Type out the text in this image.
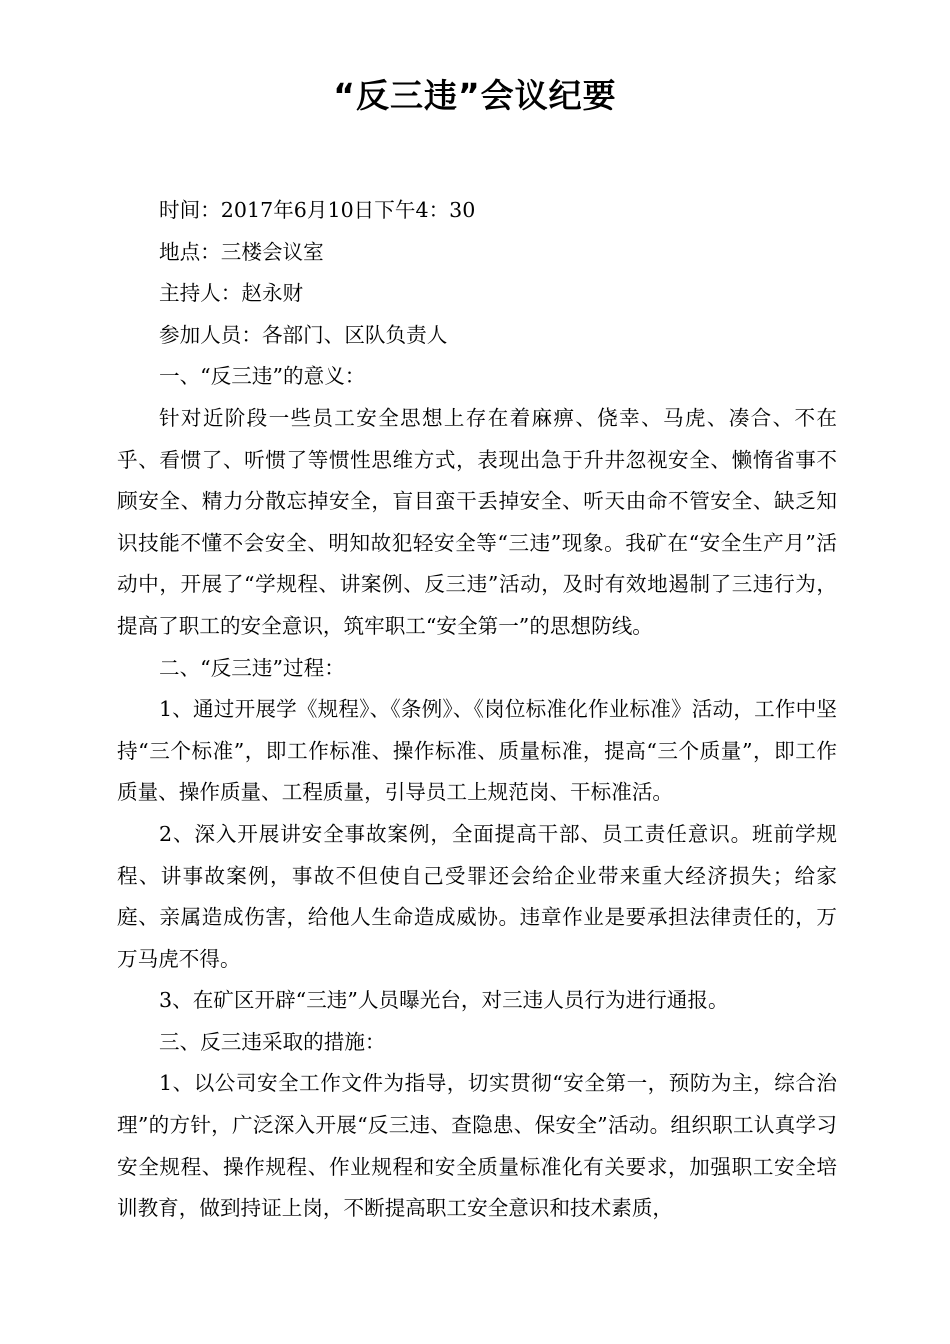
“反三违”会议纪要

时间：2017年6月10日下午4：30

地点：三楼会议室

主持人：赵永财

参加人员：各部门、区队负责人

一、“反三违”的意义：

针对近阶段一些员工安全思想上存在着麻痹、侥幸、马虎、凑合、不在乎、看惯了、听惯了等惯性思维方式，表现出急于升井忽视安全、懒惰省事不顾安全、精力分散忘掉安全，盲目蛮干丢掉安全、听天由命不管安全、缺乏知识技能不懂不会安全、明知故犯轻安全等“三违”现象。我矿在“安全生产月”活动中，开展了“学规程、讲案例、反三违”活动，及时有效地遏制了三违行为，提高了职工的安全意识，筑牢职工“安全第一”的思想防线。

二、“反三违”过程：

1、通过开展学《规程》、《条例》、《岗位标准化作业标准》活动，工作中坚持“三个标准”，即工作标准、操作标准、质量标准，提高“三个质量”，即工作质量、操作质量、工程质量，引导员工上规范岗、干标准活。

2、深入开展讲安全事故案例，全面提高干部、员工责任意识。班前学规程、讲事故案例，事故不但使自己受罪还会给企业带来重大经济损失；给家庭、亲属造成伤害，给他人生命造成威协。违章作业是要承担法律责任的，万万马虎不得。

3、在矿区开辟“三违”人员曝光台，对三违人员行为进行通报。

三、反三违采取的措施：

1、以公司安全工作文件为指导，切实贯彻“安全第一，预防为主，综合治理”的方针，广泛深入开展“反三违、查隐患、保安全”活动。组织职工认真学习安全规程、操作规程、作业规程和安全质量标准化有关要求，加强职工安全培训教育，做到持证上岗，不断提高职工安全意识和技术素质，
